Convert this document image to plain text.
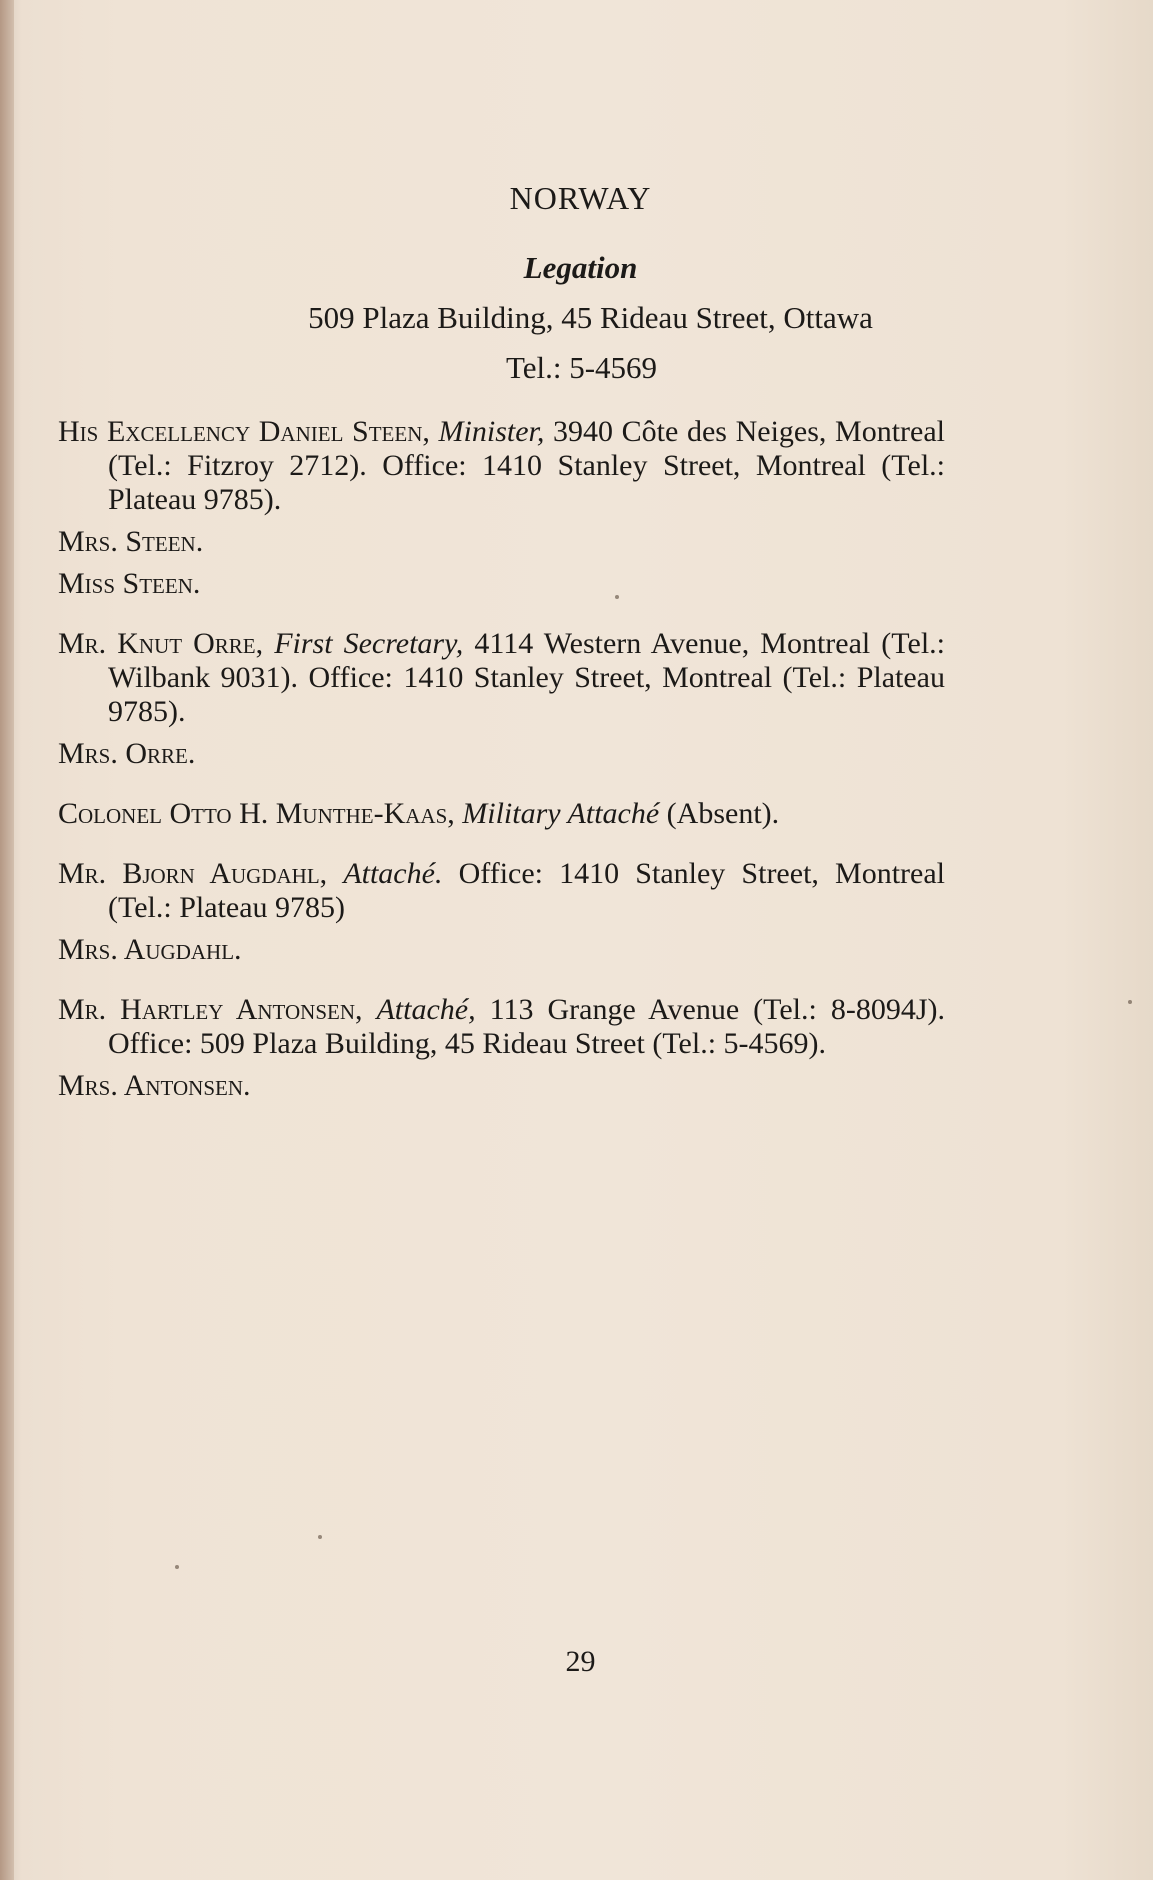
NORWAY
Legation
509 Plaza Building, 45 Rideau Street, Ottawa
Tel.: 5-4569

His Excellency Daniel Steen, Minister, 3940 Côte des Neiges, Montreal (Tel.: Fitzroy 2712). Office: 1410 Stanley Street, Montreal (Tel.: Plateau 9785).

Mrs. Steen.

Miss Steen.

Mr. Knut Orre, First Secretary, 4114 Western Avenue, Montreal (Tel.: Wilbank 9031). Office: 1410 Stanley Street, Montreal (Tel.: Plateau 9785).

Mrs. Orre.

Colonel Otto H. Munthe-Kaas, Military Attaché (Absent).

Mr. Bjorn Augdahl, Attaché. Office: 1410 Stanley Street, Montreal (Tel.: Plateau 9785)

Mrs. Augdahl.

Mr. Hartley Antonsen, Attaché, 113 Grange Avenue (Tel.: 8-8094J). Office: 509 Plaza Building, 45 Rideau Street (Tel.: 5-4569).

Mrs. Antonsen.

29
